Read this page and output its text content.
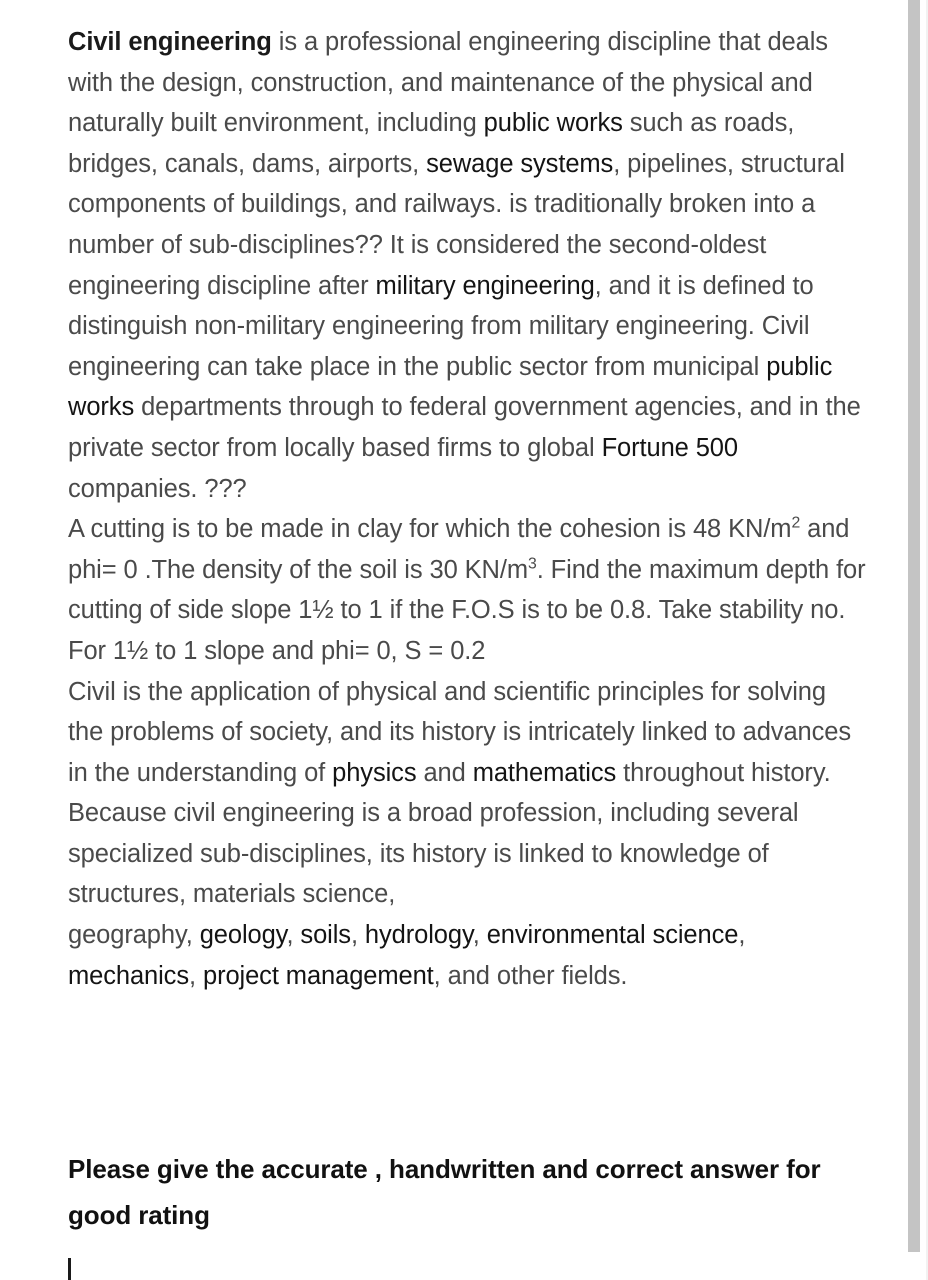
Civil engineering is a professional engineering discipline that deals with the design, construction, and maintenance of the physical and naturally built environment, including public works such as roads, bridges, canals, dams, airports, sewage systems, pipelines, structural components of buildings, and railways. is traditionally broken into a number of sub-disciplines?? It is considered the second-oldest engineering discipline after military engineering, and it is defined to distinguish non-military engineering from military engineering. Civil engineering can take place in the public sector from municipal public works departments through to federal government agencies, and in the private sector from locally based firms to global Fortune 500 companies. ???

A cutting is to be made in clay for which the cohesion is 48 $KN/m^2$ and phi= 0 .The density of the soil is 30 $KN/m^3$. Find the maximum depth for cutting of side slope 1½ to 1 if the F.O.S is to be 0.8. Take stability no. For 1½ to 1 slope and phi= 0, S = 0.2

Civil is the application of physical and scientific principles for solving the problems of society, and its history is intricately linked to advances in the understanding of physics and mathematics throughout history. Because civil engineering is a broad profession, including several specialized sub-disciplines, its history is linked to knowledge of structures, materials science,
geography, geology, soils, hydrology, environmental science, mechanics, project management, and other fields.

Please give the accurate , handwritten and correct answer for good rating
